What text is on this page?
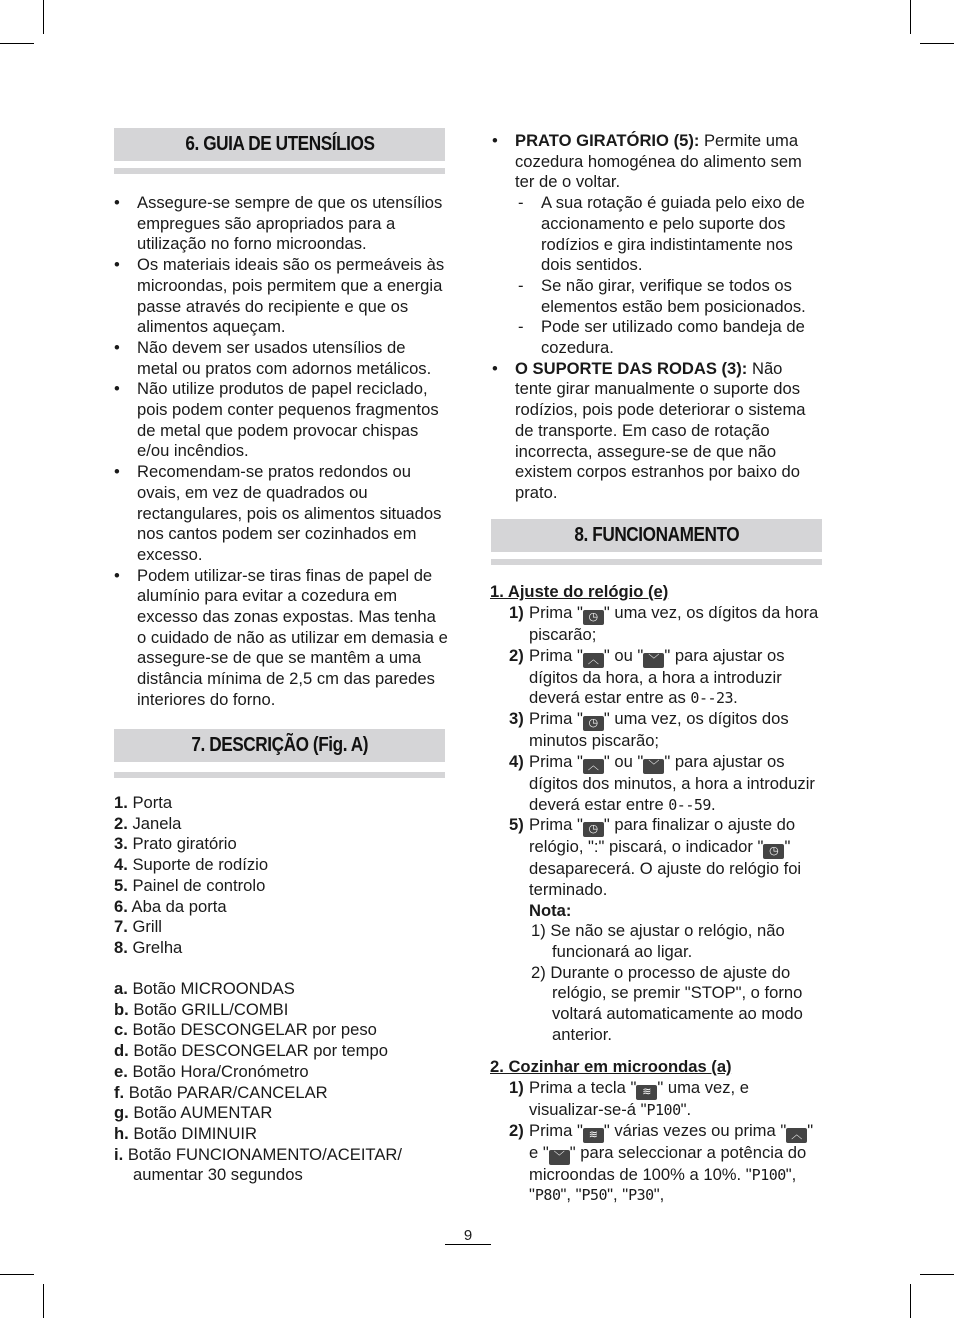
6. GUIA DE UTENSÍLIOS
• Assegure-se sempre de que os utensílios empregues são apropriados para a utilização no forno microondas.
• Os materiais ideais são os permeáveis às microondas, pois permitem que a energia passe através do recipiente e que os alimentos aqueçam.
• Não devem ser usados utensílios de metal ou pratos com adornos metálicos.
• Não utilize produtos de papel reciclado, pois podem conter pequenos fragmentos de metal que podem provocar chispas e/ou incêndios.
• Recomendam-se pratos redondos ou ovais, em vez de quadrados ou rectangulares, pois os alimentos situados nos cantos podem ser cozinhados em excesso.
• Podem utilizar-se tiras finas de papel de alumínio para evitar a cozedura em excesso das zonas expostas. Mas tenha o cuidado de não as utilizar em demasia e assegure-se de que se mantêm a uma distância mínima de 2,5 cm das paredes interiores do forno.
7. DESCRIÇÃO (Fig. A)
1. Porta
2. Janela
3. Prato giratório
4. Suporte de rodízio
5. Painel de controlo
6. Aba da porta
7. Grill
8. Grelha
a. Botão MICROONDAS
b. Botão GRILL/COMBI
c. Botão DESCONGELAR por peso
d. Botão DESCONGELAR por tempo
e. Botão Hora/Cronómetro
f. Botão PARAR/CANCELAR
g. Botão AUMENTAR
h. Botão DIMINUIR
i. Botão FUNCIONAMENTO/ACEITAR/ aumentar 30 segundos
• PRATO GIRATÓRIO (5): Permite uma cozedura homogénea do alimento sem ter de o voltar.
- A sua rotação é guiada pelo eixo de accionamento e pelo suporte dos rodízios e gira indistintamente nos dois sentidos.
- Se não girar, verifique se todos os elementos estão bem posicionados.
- Pode ser utilizado como bandeja de cozedura.
• O SUPORTE DAS RODAS (3): Não tente girar manualmente o suporte dos rodízios, pois pode deteriorar o sistema de transporte. Em caso de rotação incorrecta, assegure-se de que não existem corpos estranhos por baixo do prato.
8. FUNCIONAMENTO
1. Ajuste do relógio (e)
1) Prima " ◷ " uma vez, os dígitos da hora piscarão;
2) Prima " ︿ " ou " ﹀ " para ajustar os dígitos da hora, a hora a introduzir deverá estar entre as 0--23.
3) Prima " ◷ " uma vez, os dígitos dos minutos piscarão;
4) Prima " ︿ " ou " ﹀ " para ajustar os dígitos dos minutos, a hora a introduzir deverá estar entre 0--59.
5) Prima " ◷ " para finalizar o ajuste do relógio, ":" piscará, o indicador " ◷ " desaparecerá. O ajuste do relógio foi terminado.
Nota:
1) Se não se ajustar o relógio, não funcionará ao ligar.
2) Durante o processo de ajuste do relógio, se premir "STOP", o forno voltará automaticamente ao modo anterior.
2. Cozinhar em microondas (a)
1) Prima a tecla " ≋ " uma vez, e visualizar-se-á "P100".
2) Prima " ≋ " várias vezes ou prima " ︿ " e " ﹀ " para seleccionar a potência do microondas de 100% a 10%. "P100", "P80", "P50", "P30",
9
